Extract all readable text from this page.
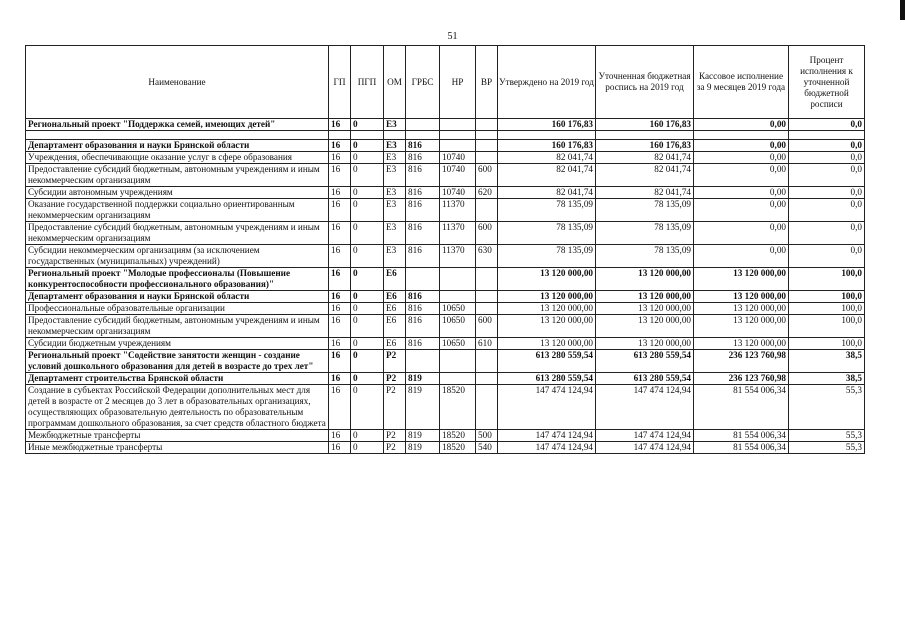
51
Наименование	ГП	ПГП	ОМ	ГРБС	НР	ВР	Утверждено на 2019 год	Уточненная бюджетная роспись на 2019 год	Кассовое исполнение за 9 месяцев 2019 года	Процент исполнения к уточненной бюджетной росписи
Региональный проект "Поддержка семей, имеющих детей"	16	0	Е3				160 176,83	160 176,83	0,00	0,0

Департамент образования и науки Брянской области	16	0	Е3	816			160 176,83	160 176,83	0,00	0,0
Учреждения, обеспечивающие оказание услуг в сфере образования	16	0	Е3	816	10740		82 041,74	82 041,74	0,00	0,0
Предоставление субсидий бюджетным, автономным учреждениям и иным некоммерческим организациям	16	0	Е3	816	10740	600	82 041,74	82 041,74	0,00	0,0
Субсидии автономным учреждениям	16	0	Е3	816	10740	620	82 041,74	82 041,74	0,00	0,0
Оказание государственной поддержки социально ориентированным некоммерческим организациям	16	0	Е3	816	11370		78 135,09	78 135,09	0,00	0,0
Предоставление субсидий бюджетным, автономным учреждениям и иным некоммерческим организациям	16	0	Е3	816	11370	600	78 135,09	78 135,09	0,00	0,0
Субсидии некоммерческим организациям (за исключением государственных (муниципальных) учреждений)	16	0	Е3	816	11370	630	78 135,09	78 135,09	0,00	0,0
Региональный проект "Молодые профессионалы (Повышение конкурентоспособности профессионального образования)"	16	0	Е6				13 120 000,00	13 120 000,00	13 120 000,00	100,0
Департамент образования и науки Брянской области	16	0	Е6	816			13 120 000,00	13 120 000,00	13 120 000,00	100,0
Профессиональные образовательные организации	16	0	Е6	816	10650		13 120 000,00	13 120 000,00	13 120 000,00	100,0
Предоставление субсидий бюджетным, автономным учреждениям и иным некоммерческим организациям	16	0	Е6	816	10650	600	13 120 000,00	13 120 000,00	13 120 000,00	100,0
Субсидии бюджетным учреждениям	16	0	Е6	816	10650	610	13 120 000,00	13 120 000,00	13 120 000,00	100,0
Региональный проект "Содействие занятости женщин - создание условий дошкольного образования для детей в возрасте до трех лет"	16	0	Р2				613 280 559,54	613 280 559,54	236 123 760,98	38,5
Департамент строительства Брянской области	16	0	Р2	819			613 280 559,54	613 280 559,54	236 123 760,98	38,5
Создание в субъектах Российской Федерации дополнительных мест для детей в возрасте от 2 месяцев до 3 лет в образовательных организациях, осуществляющих образовательную деятельность по образовательным программам дошкольного образования, за счет средств областного бюджета	16	0	Р2	819	18520		147 474 124,94	147 474 124,94	81 554 006,34	55,3
Межбюджетные трансферты	16	0	Р2	819	18520	500	147 474 124,94	147 474 124,94	81 554 006,34	55,3
Иные межбюджетные трансферты	16	0	Р2	819	18520	540	147 474 124,94	147 474 124,94	81 554 006,34	55,3
